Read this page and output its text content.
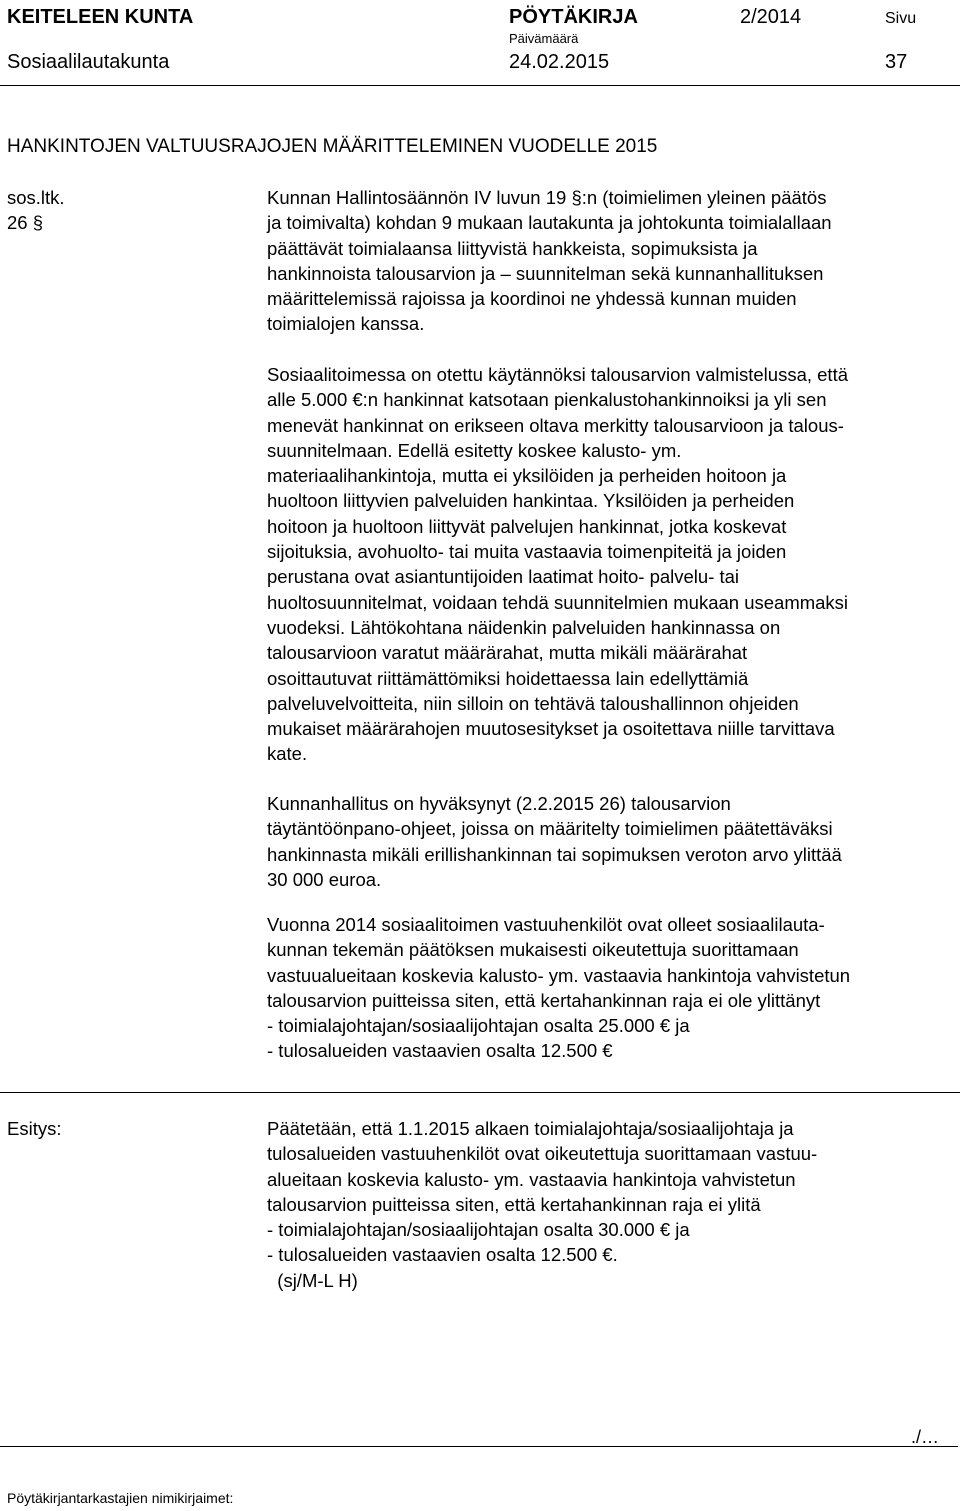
KEITELEEN KUNTA
Sosiaalilautakunta
PÖYTÄKIRJA
Päivämäärä
24.02.2015
2/2014	Sivu
37
HANKINTOJEN VALTUUSRAJOJEN MÄÄRITTELEMINEN VUODELLE 2015
sos.ltk.
26 §
Kunnan Hallintosäännön IV luvun 19 §:n (toimielimen yleinen päätös
ja toimivalta) kohdan 9 mukaan lautakunta ja johtokunta toimialallaan
päättävät toimialaansa liittyvistä hankkeista, sopimuksista ja
hankinnoista talousarvion ja – suunnitelman sekä kunnanhallituksen
määrittelemissä rajoissa ja koordinoi ne yhdessä kunnan muiden
toimialojen kanssa.
Sosiaalitoimessa on otettu käytännöksi talousarvion valmistelussa, että
alle 5.000 €:n hankinnat katsotaan pienkalustohankinnoiksi ja yli sen
menevät hankinnat on erikseen oltava merkitty talousarvioon ja talous-
suunnitelmaan. Edellä esitetty koskee kalusto- ym.
materiaalihankintoja, mutta ei yksilöiden ja perheiden hoitoon ja
huoltoon liittyvien palveluiden hankintaa. Yksilöiden ja perheiden
hoitoon ja huoltoon liittyvät palvelujen hankinnat, jotka koskevat
sijoituksia, avohuolto- tai muita vastaavia toimenpiteitä ja joiden
perustana ovat asiantuntijoiden laatimat hoito- palvelu- tai
huoltosuunnitelmat, voidaan tehdä suunnitelmien mukaan useammaksi
vuodeksi. Lähtökohtana näidenkin palveluiden hankinnassa on
talousarvioon varatut määrärahat, mutta mikäli määrärahat
osoittautuvat riittämättömiksi hoidettaessa lain edellyttämiä
palveluvelvoitteita, niin silloin on tehtävä taloushallinnon ohjeiden
mukaiset määrärahojen muutosesitykset ja osoitettava niille tarvittava
kate.
Kunnanhallitus on hyväksynyt (2.2.2015 26) talousarvion
täytäntöönpano-ohjeet, joissa on määritelty toimielimen päätettäväksi
hankinnasta mikäli erillishankinnan tai sopimuksen veroton arvo ylittää
30 000 euroa.
Vuonna 2014 sosiaalitoimen vastuuhenkilöt ovat olleet sosiaalilauta-
kunnan tekemän päätöksen mukaisesti oikeutettuja suorittamaan
vastuualueitaan koskevia kalusto- ym. vastaavia hankintoja vahvistetun
talousarvion puitteissa siten, että kertahankinnan raja ei ole ylittänyt
- toimialajohtajan/sosiaalijohtajan osalta 25.000 € ja
- tulosalueiden vastaavien osalta 12.500 €
Esitys:	Päätetään, että 1.1.2015 alkaen toimialajohtaja/sosiaalijohtaja ja
tulosalueiden vastuuhenkilöt ovat oikeutettuja suorittamaan vastuu-
alueitaan koskevia kalusto- ym. vastaavia hankintoja vahvistetun
talousarvion puitteissa siten, että kertahankinnan raja ei ylitä
- toimialajohtajan/sosiaalijohtajan osalta 30.000 € ja
- tulosalueiden vastaavien osalta 12.500 €.
(sj/M-L H)
./…
Pöytäkirjantarkastajien nimikirjaimet:
